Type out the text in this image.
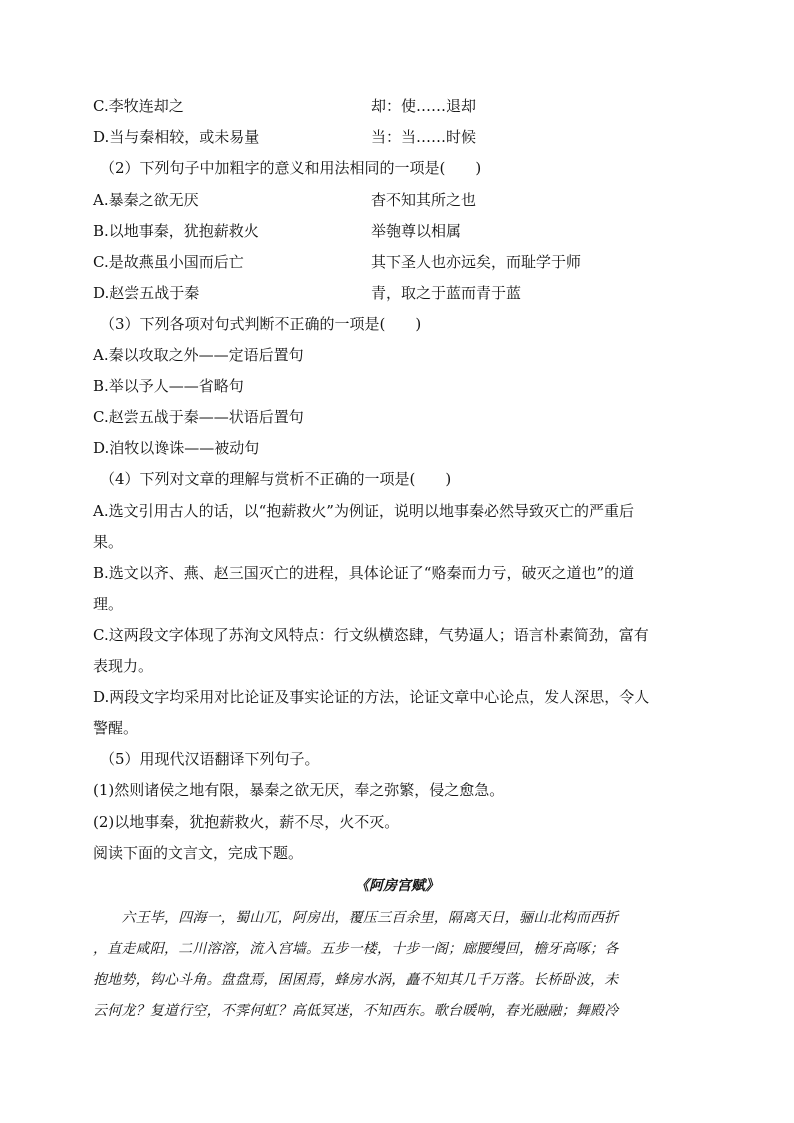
C.李牧连却之	却：使……退却
D.当与秦相较，或未易量	当：当……时候
（2）下列句子中加粗字的意义和用法相同的一项是(　　)
A.暴秦之欲无厌	杳不知其所之也
B.以地事秦，犹抱薪救火	举匏尊以相属
C.是故燕虽小国而后亡	其下圣人也亦远矣，而耻学于师
D.赵尝五战于秦	青，取之于蓝而青于蓝
（3）下列各项对句式判断不正确的一项是(　　)
A.秦以攻取之外——定语后置句
B.举以予人——省略句
C.赵尝五战于秦——状语后置句
D.洎牧以谗诛——被动句
（4）下列对文章的理解与赏析不正确的一项是(　　)
A.选文引用古人的话，以“抱薪救火”为例证，说明以地事秦必然导致灭亡的严重后
果。
B.选文以齐、燕、赵三国灭亡的进程，具体论证了“赂秦而力亏，破灭之道也”的道
理。
C.这两段文字体现了苏洵文风特点：行文纵横恣肆，气势逼人；语言朴素简劲，富有
表现力。
D.两段文字均采用对比论证及事实论证的方法，论证文章中心论点，发人深思，令人
警醒。
（5）用现代汉语翻译下列句子。
(1)然则诸侯之地有限，暴秦之欲无厌，奉之弥繁，侵之愈急。
(2)以地事秦，犹抱薪救火，薪不尽，火不灭。
阅读下面的文言文，完成下题。
《阿房宫赋》
　　六王毕，四海一，蜀山兀，阿房出，覆压三百余里，隔离天日，骊山北构而西折
，直走咸阳，二川溶溶，流入宫墙。五步一楼，十步一阁；廊腰缦回，檐牙高啄；各
抱地势，钩心斗角。盘盘焉，囷囷焉，蜂房水涡，矗不知其几千万落。长桥卧波，未
云何龙？复道行空，不霁何虹？高低冥迷，不知西东。歌台暖响，春光融融；舞殿冷
